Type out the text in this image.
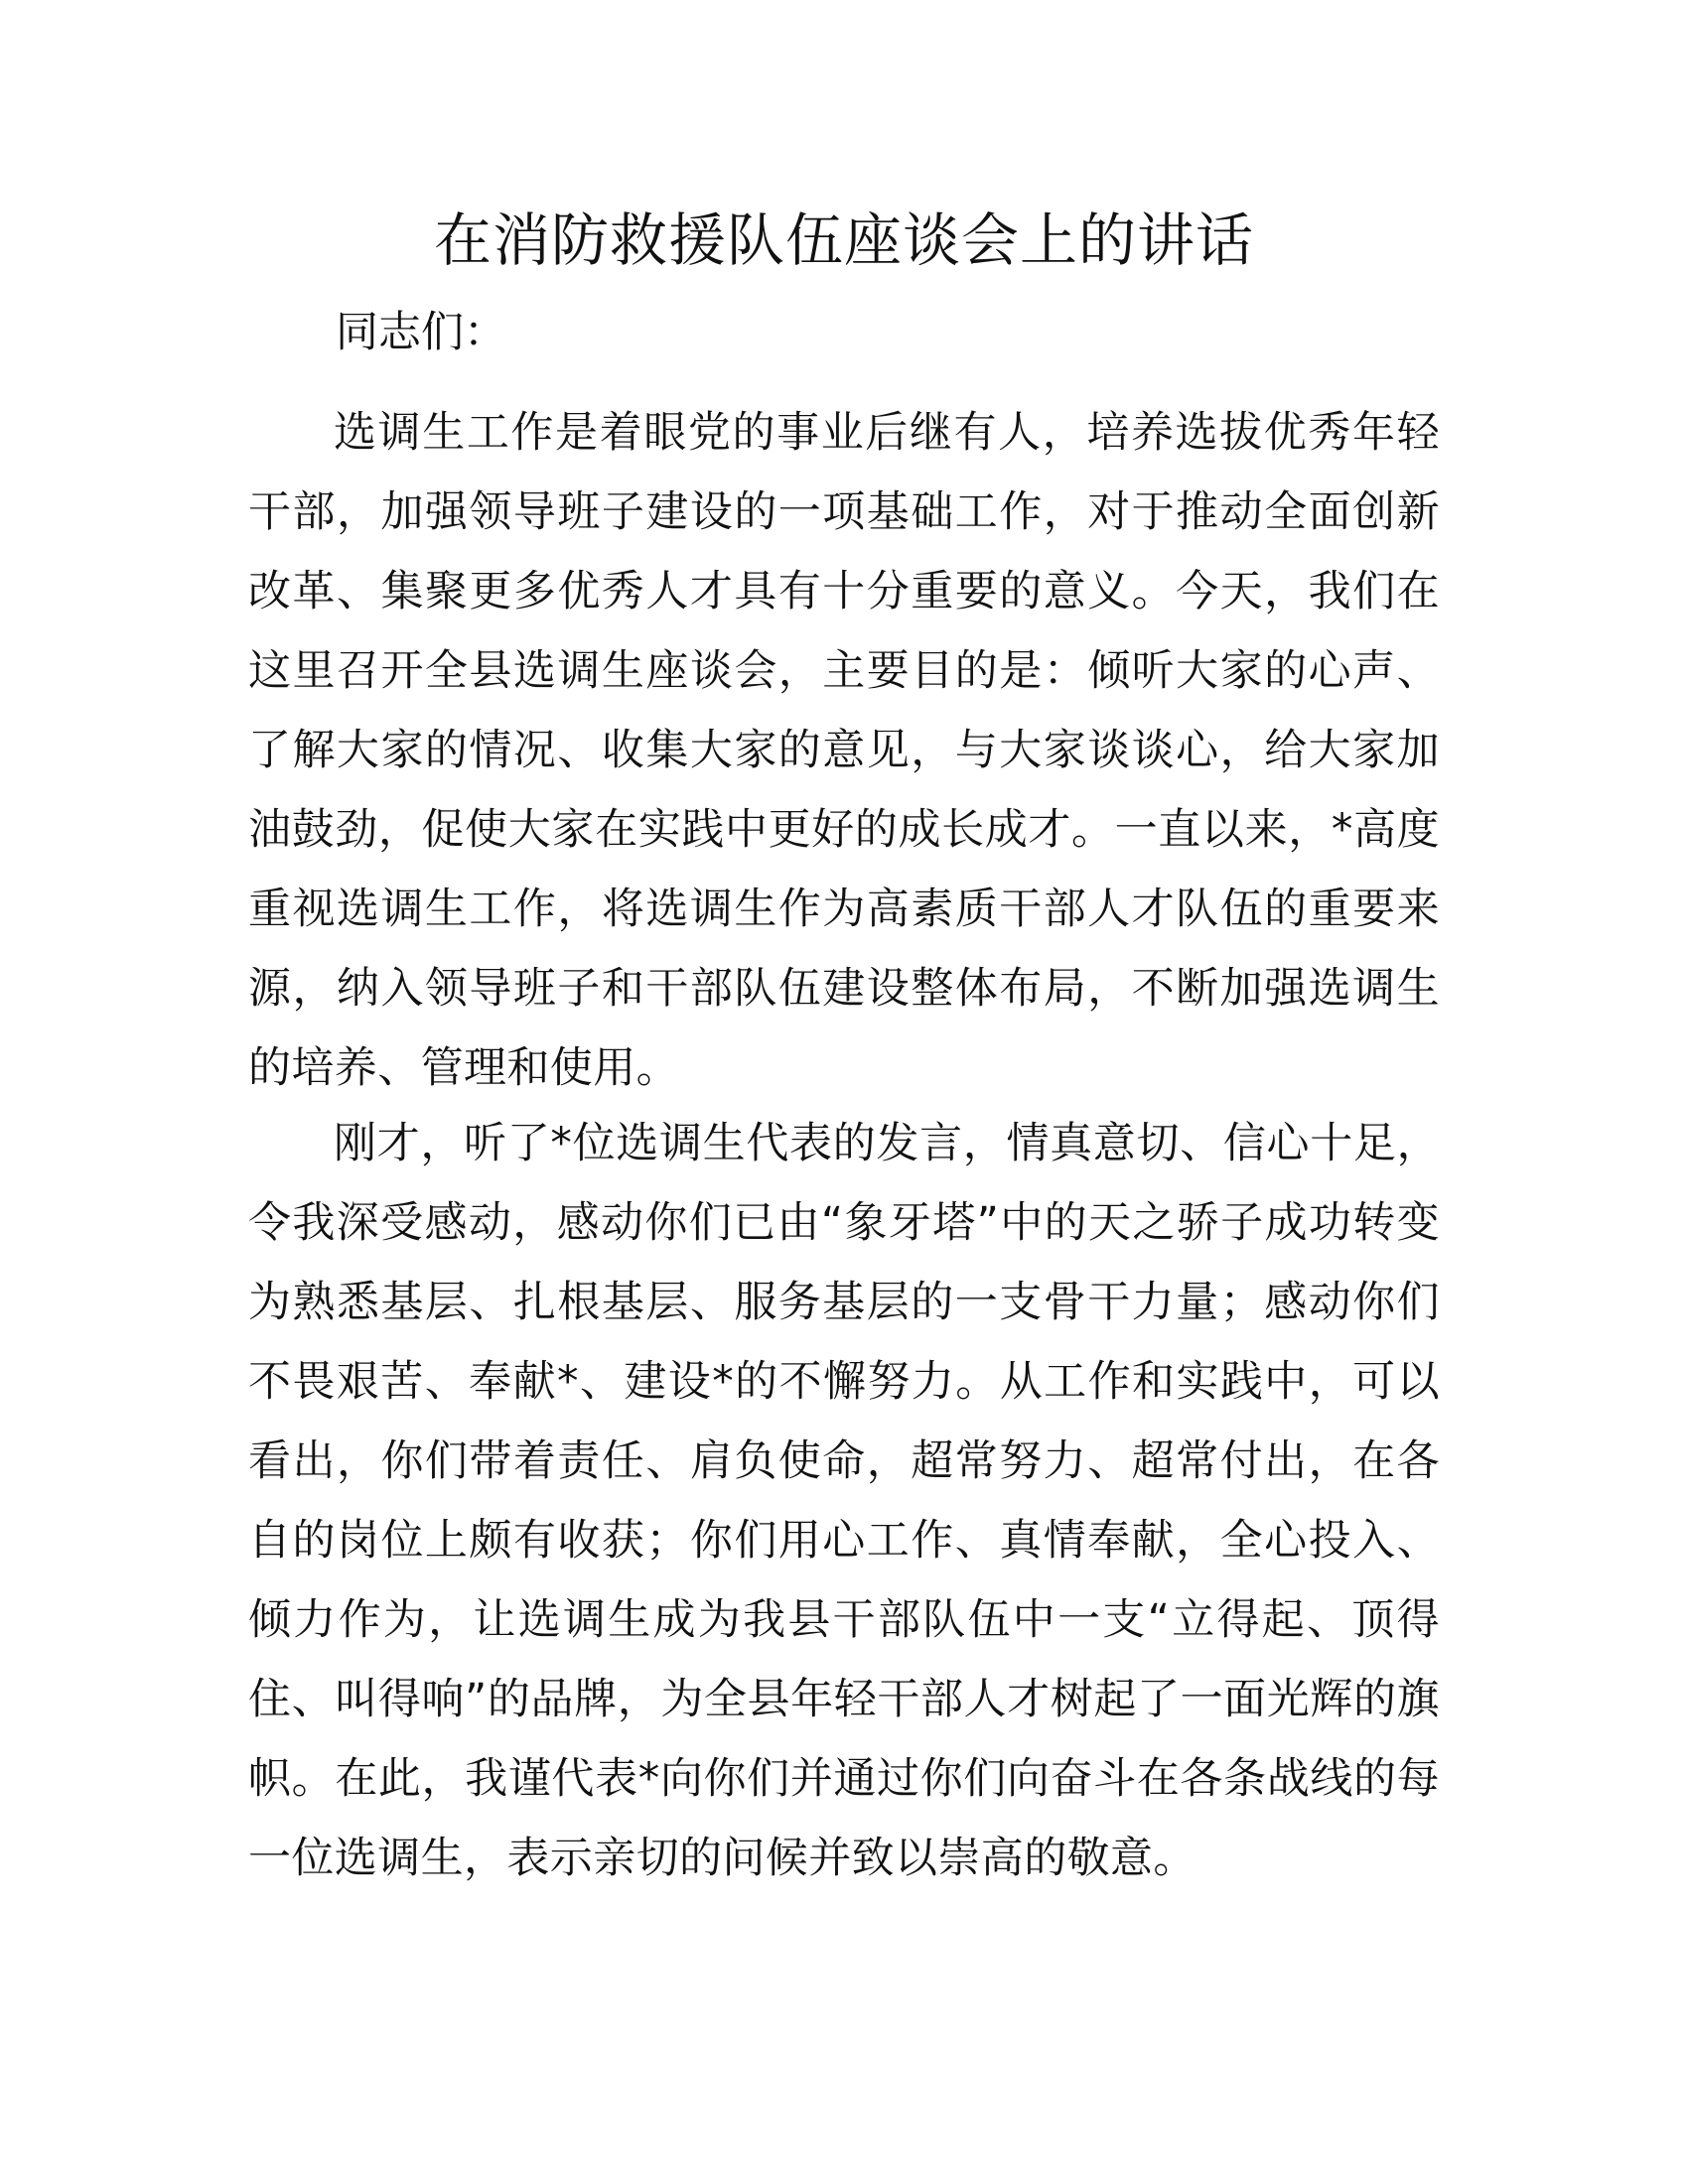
在消防救援队伍座谈会上的讲话

同志们：

选调生工作是着眼党的事业后继有人，培养选拔优秀年轻干部，加强领导班子建设的一项基础工作，对于推动全面创新改革、集聚更多优秀人才具有十分重要的意义。今天，我们在这里召开全县选调生座谈会，主要目的是：倾听大家的心声、了解大家的情况、收集大家的意见，与大家谈谈心，给大家加油鼓劲，促使大家在实践中更好的成长成才。一直以来，*高度重视选调生工作，将选调生作为高素质干部人才队伍的重要来源，纳入领导班子和干部队伍建设整体布局，不断加强选调生的培养、管理和使用。

刚才，听了*位选调生代表的发言，情真意切、信心十足，令我深受感动，感动你们已由“象牙塔”中的天之骄子成功转变为熟悉基层、扎根基层、服务基层的一支骨干力量；感动你们不畏艰苦、奉献*、建设*的不懈努力。从工作和实践中，可以看出，你们带着责任、肩负使命，超常努力、超常付出，在各自的岗位上颇有收获；你们用心工作、真情奉献，全心投入、倾力作为，让选调生成为我县干部队伍中一支“立得起、顶得住、叫得响”的品牌，为全县年轻干部人才树起了一面光辉的旗帜。在此，我谨代表*向你们并通过你们向奋斗在各条战线的每一位选调生，表示亲切的问候并致以崇高的敬意。
